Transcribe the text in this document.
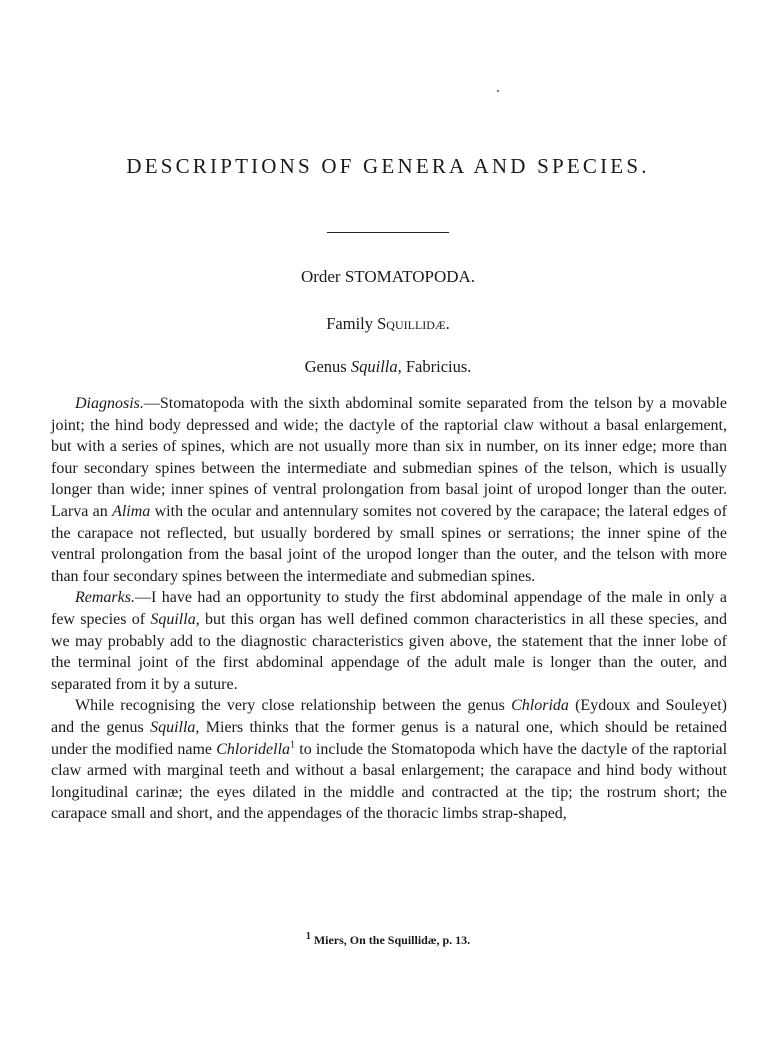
DESCRIPTIONS OF GENERA AND SPECIES.
Order STOMATOPODA.
Family Squillidæ.
Genus Squilla, Fabricius.

Diagnosis.—Stomatopoda with the sixth abdominal somite separated from the telson by a movable joint; the hind body depressed and wide; the dactyle of the raptorial claw without a basal enlargement, but with a series of spines, which are not usually more than six in number, on its inner edge; more than four secondary spines between the intermediate and submedian spines of the telson, which is usually longer than wide; inner spines of ventral prolongation from basal joint of uropod longer than the outer. Larva an Alima with the ocular and antennulary somites not covered by the carapace; the lateral edges of the carapace not reflected, but usually bordered by small spines or serrations; the inner spine of the ventral prolongation from the basal joint of the uropod longer than the outer, and the telson with more than four secondary spines between the intermediate and submedian spines.

Remarks.—I have had an opportunity to study the first abdominal appendage of the male in only a few species of Squilla, but this organ has well defined common characteristics in all these species, and we may probably add to the diagnostic characteristics given above, the statement that the inner lobe of the terminal joint of the first abdominal appendage of the adult male is longer than the outer, and separated from it by a suture.

While recognising the very close relationship between the genus Chlorida (Eydoux and Souleyet) and the genus Squilla, Miers thinks that the former genus is a natural one, which should be retained under the modified name Chloridella$^1$ to include the Stomatopoda which have the dactyle of the raptorial claw armed with marginal teeth and without a basal enlargement; the carapace and hind body without longitudinal carinæ; the eyes dilated in the middle and contracted at the tip; the rostrum short; the carapace small and short, and the appendages of the thoracic limbs strap-shaped,

$^1$ Miers, On the Squillidæ, p. 13.
